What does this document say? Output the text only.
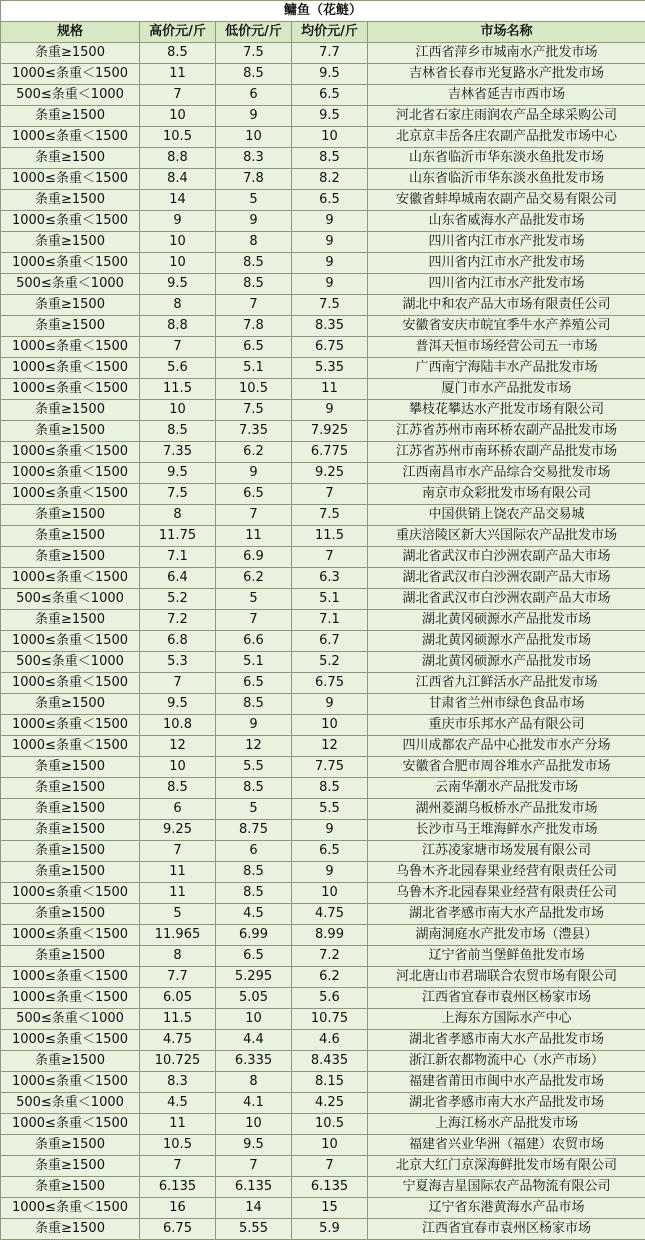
鳙鱼（花鲢）				
规格	高价元/斤	低价元/斤	均价元/斤	市场名称
条重≥1500	8.5	7.5	7.7	江西省萍乡市城南水产批发市场
1000≤条重＜1500	11	8.5	9.5	吉林省长春市光复路水产批发市场
500≤条重＜1000	7	6	6.5	吉林省延吉市西市场
条重≥1500	10	9	9.5	河北省石家庄雨润农产品全球采购公司
1000≤条重＜1500	10.5	10	10	北京京丰岳各庄农副产品批发市场中心
条重≥1500	8.8	8.3	8.5	山东省临沂市华东淡水鱼批发市场
1000≤条重＜1500	8.4	7.8	8.2	山东省临沂市华东淡水鱼批发市场
条重≥1500	14	5	6.5	安徽省蚌埠城南农副产品交易有限公司
1000≤条重＜1500	9	9	9	山东省威海水产品批发市场
条重≥1500	10	8	9	四川省内江市水产批发市场
1000≤条重＜1500	10	8.5	9	四川省内江市水产批发市场
500≤条重＜1000	9.5	8.5	9	四川省内江市水产批发市场
条重≥1500	8	7	7.5	湖北中和农产品大市场有限责任公司
条重≥1500	8.8	7.8	8.35	安徽省安庆市皖宜季牛水产养殖公司
1000≤条重＜1500	7	6.5	6.75	普洱天恒市场经营公司五一市场
1000≤条重＜1500	5.6	5.1	5.35	广西南宁海陆丰水产品批发市场
1000≤条重＜1500	11.5	10.5	11	厦门市水产品批发市场
条重≥1500	10	7.5	9	攀枝花攀达水产批发市场有限公司
条重≥1500	8.5	7.35	7.925	江苏省苏州市南环桥农副产品批发市场
1000≤条重＜1500	7.35	6.2	6.775	江苏省苏州市南环桥农副产品批发市场
1000≤条重＜1500	9.5	9	9.25	江西南昌市水产品综合交易批发市场
1000≤条重＜1500	7.5	6.5	7	南京市众彩批发市场有限公司
条重≥1500	8	7	7.5	中国供销上饶农产品交易城
条重≥1500	11.75	11	11.5	重庆涪陵区新大兴国际农产品批发市场
条重≥1500	7.1	6.9	7	湖北省武汉市白沙洲农副产品大市场
1000≤条重＜1500	6.4	6.2	6.3	湖北省武汉市白沙洲农副产品大市场
500≤条重＜1000	5.2	5	5.1	湖北省武汉市白沙洲农副产品大市场
条重≥1500	7.2	7	7.1	湖北黄冈硕源水产品批发市场
1000≤条重＜1500	6.8	6.6	6.7	湖北黄冈硕源水产品批发市场
500≤条重＜1000	5.3	5.1	5.2	湖北黄冈硕源水产品批发市场
1000≤条重＜1500	7	6.5	6.75	江西省九江鲜活水产品批发市场
条重≥1500	9.5	8.5	9	甘肃省兰州市绿色食品市场
1000≤条重＜1500	10.8	9	10	重庆市乐邦水产品有限公司
1000≤条重＜1500	12	12	12	四川成都农产品中心批发市水产分场
条重≥1500	10	5.5	7.75	安徽省合肥市周谷堆水产品批发市场
条重≥1500	8.5	8.5	8.5	云南华潮水产品批发市场
条重≥1500	6	5	5.5	湖州菱湖乌板桥水产品批发市场
条重≥1500	9.25	8.75	9	长沙市马王堆海鲜水产批发市场
条重≥1500	7	6	6.5	江苏凌家塘市场发展有限公司
条重≥1500	11	8.5	9	乌鲁木齐北园春果业经营有限责任公司
1000≤条重＜1500	11	8.5	10	乌鲁木齐北园春果业经营有限责任公司
条重≥1500	5	4.5	4.75	湖北省孝感市南大水产品批发市场
1000≤条重＜1500	11.965	6.99	8.99	湖南洞庭水产批发市场（澧县）
条重≥1500	8	6.5	7.2	辽宁省前当堡鲜鱼批发市场
1000≤条重＜1500	7.7	5.295	6.2	河北唐山市君瑞联合农贸市场有限公司
1000≤条重＜1500	6.05	5.05	5.6	江西省宜春市袁州区杨家市场
500≤条重＜1000	11.5	10	10.75	上海东方国际水产中心
1000≤条重＜1500	4.75	4.4	4.6	湖北省孝感市南大水产品批发市场
条重≥1500	10.725	6.335	8.435	浙江新农都物流中心（水产市场）
1000≤条重＜1500	8.3	8	8.15	福建省莆田市闽中水产品批发市场
500≤条重＜1000	4.5	4.1	4.25	湖北省孝感市南大水产品批发市场
1000≤条重＜1500	11	10	10.5	上海江杨水产品批发市场
条重≥1500	10.5	9.5	10	福建省兴业华洲（福建）农贸市场
条重≥1500	7	7	7	北京大红门京深海鲜批发市场有限公司
条重≥1500	6.135	6.135	6.135	宁夏海吉星国际农产品物流有限公司
1000≤条重＜1500	16	14	15	辽宁省东港黄海水产品市场
条重≥1500	6.75	5.55	5.9	江西省宜春市袁州区杨家市场
